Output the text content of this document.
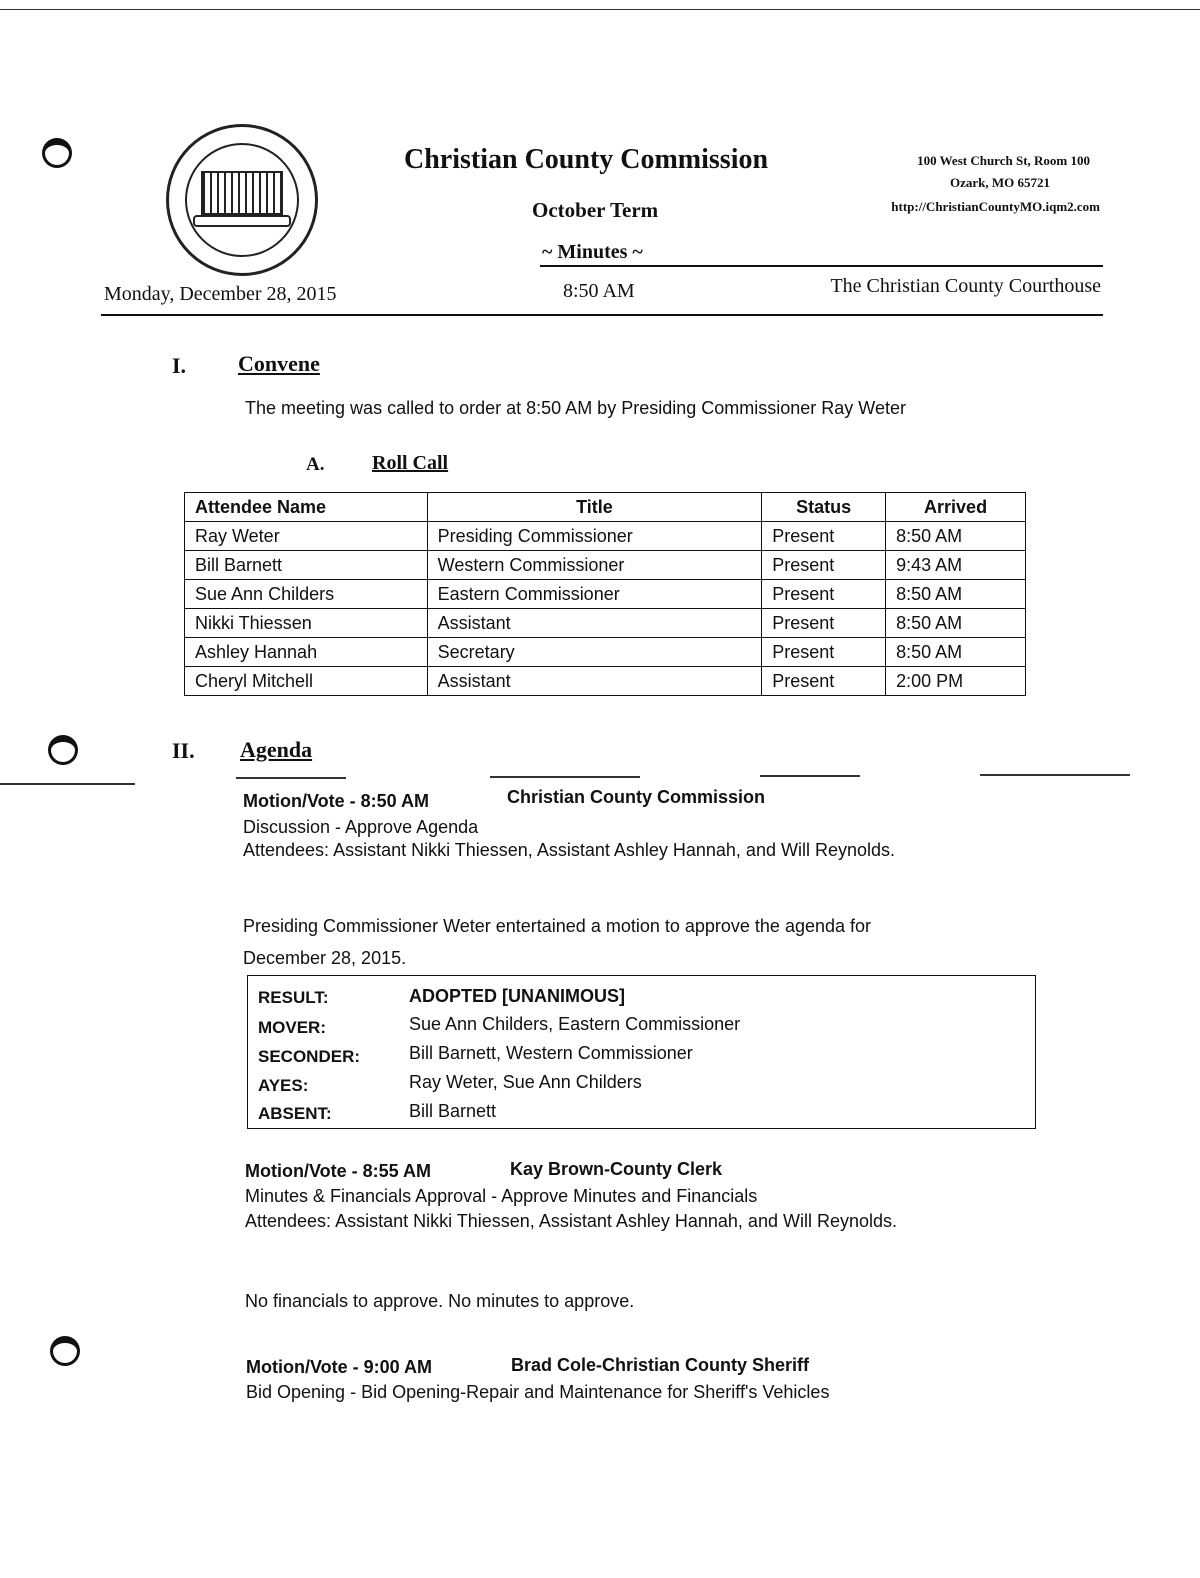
Christian County Commission
October Term
~ Minutes ~
100 West Church St, Room 100
Ozark, MO 65721
http://ChristianCountyMO.iqm2.com
Monday, December 28, 2015	8:50 AM	The Christian County Courthouse
I. Convene
The meeting was called to order at 8:50 AM by Presiding Commissioner Ray Weter
A. Roll Call
Attendee Name	Title	Status	Arrived
Ray Weter	Presiding Commissioner	Present	8:50 AM
Bill Barnett	Western Commissioner	Present	9:43 AM
Sue Ann Childers	Eastern Commissioner	Present	8:50 AM
Nikki Thiessen	Assistant	Present	8:50 AM
Ashley Hannah	Secretary	Present	8:50 AM
Cheryl Mitchell	Assistant	Present	2:00 PM
II. Agenda
Motion/Vote - 8:50 AM	Christian County Commission
Discussion - Approve Agenda
Attendees: Assistant Nikki Thiessen, Assistant Ashley Hannah, and Will Reynolds.
Presiding Commissioner Weter entertained a motion to approve the agenda for
December 28, 2015.
RESULT:	ADOPTED [UNANIMOUS]
MOVER:	Sue Ann Childers, Eastern Commissioner
SECONDER:	Bill Barnett, Western Commissioner
AYES:	Ray Weter, Sue Ann Childers
ABSENT:	Bill Barnett
Motion/Vote - 8:55 AM	Kay Brown-County Clerk
Minutes & Financials Approval - Approve Minutes and Financials
Attendees: Assistant Nikki Thiessen, Assistant Ashley Hannah, and Will Reynolds.
No financials to approve. No minutes to approve.
Motion/Vote - 9:00 AM	Brad Cole-Christian County Sheriff
Bid Opening - Bid Opening-Repair and Maintenance for Sheriff's Vehicles
